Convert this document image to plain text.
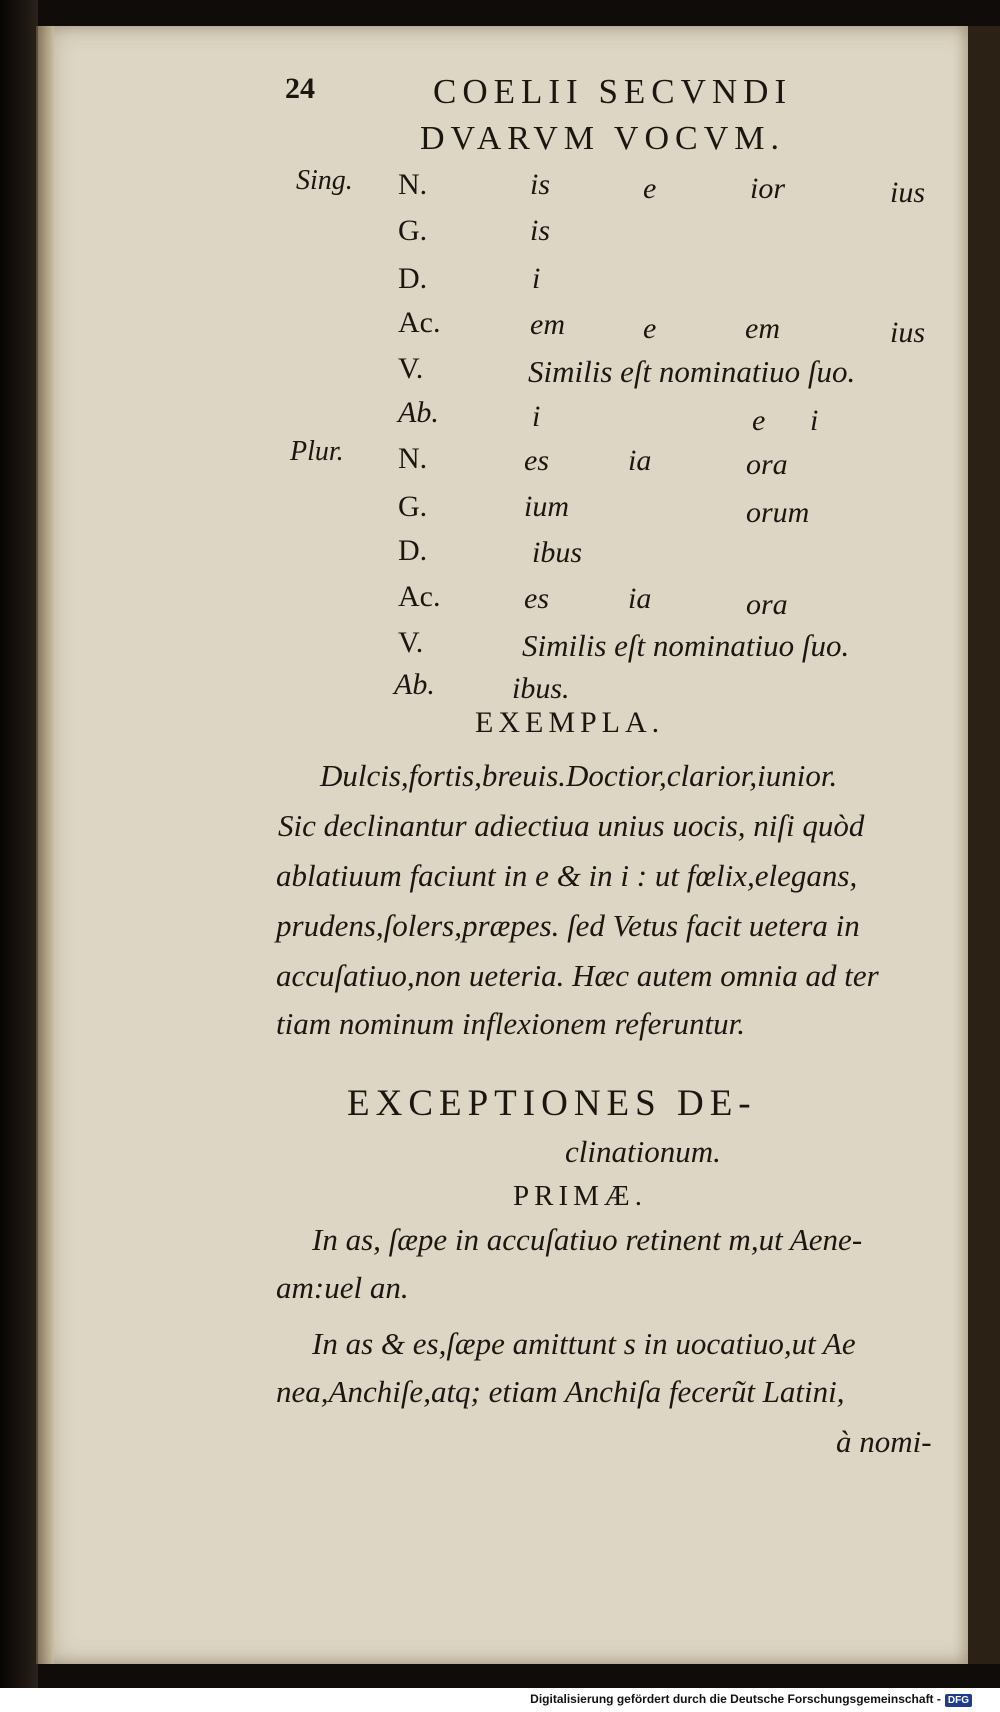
24	COELII SECVNDI
DVARVM VOCVM.
Sing.
Plur.
N.	is	e	ior	ius
G.	is
D.	i
Ac.	em	e	em	ius
V.	Similis eſt nominatiuo ſuo.
Ab.	i	e i
N.	es	ia	ora
G.	ium	orum
D.	ibus
Ac.	es	ia	ora
V.	Similis eſt nominatiuo ſuo.
Ab.	ibus.
EXEMPLA.
Dulcis,fortis,breuis.Doctior,clarior,iunior.
Sic declinantur adiectiua unius uocis, niſi quòd
ablatiuum faciunt in e & in i : ut fœlix,elegans,
prudens,ſolers,præpes. ſed Vetus facit uetera in
accuſatiuo,non ueteria. Hæc autem omnia ad ter
tiam nominum inflexionem referuntur.
EXCEPTIONES DE-
clinationum.
PRIMÆ.
In as, ſæpe in accuſatiuo retinent m,ut Aene-
am:uel an.
In as & es,ſæpe amittunt s in uocatiuo,ut Ae
nea,Anchiſe,atq; etiam Anchiſa fecerũt Latini,
à nomi-
Digitalisierung gefördert durch die Deutsche Forschungsgemeinschaft - DFG
